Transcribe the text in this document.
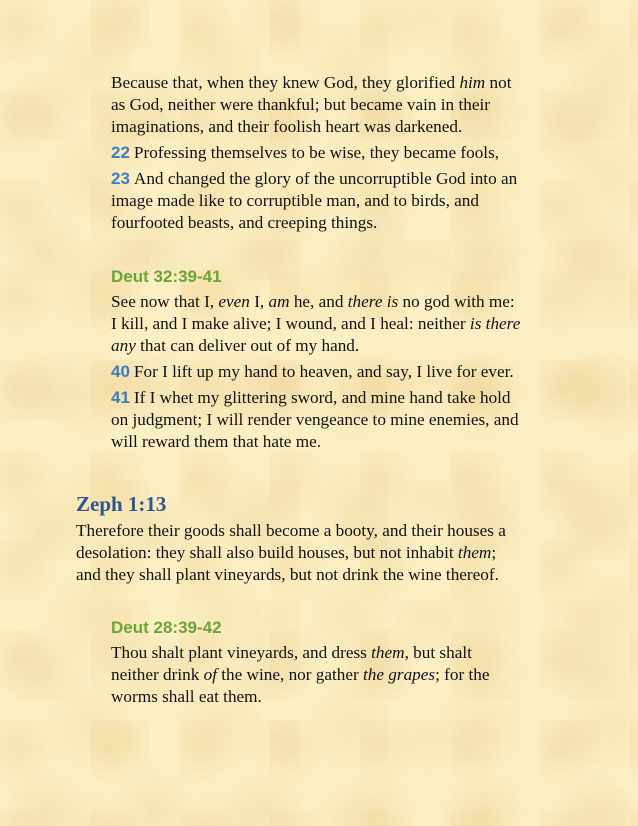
Because that, when they knew God, they glorified him not
as God, neither were thankful; but became vain in their
imaginations, and their foolish heart was darkened.
22 Professing themselves to be wise, they became fools,
23 And changed the glory of the uncorruptible God into an
image made like to corruptible man, and to birds, and
fourfooted beasts, and creeping things.
Deut 32:39-41
See now that I, even I, am he, and there is no god with me:
I kill, and I make alive; I wound, and I heal: neither is there
any that can deliver out of my hand.
40 For I lift up my hand to heaven, and say, I live for ever.
41 If I whet my glittering sword, and mine hand take hold
on judgment; I will render vengeance to mine enemies, and
will reward them that hate me.
Zeph 1:13
Therefore their goods shall become a booty, and their houses a
desolation: they shall also build houses, but not inhabit them;
and they shall plant vineyards, but not drink the wine thereof.
Deut 28:39-42
Thou shalt plant vineyards, and dress them, but shalt
neither drink of the wine, nor gather the grapes; for the
worms shall eat them.
